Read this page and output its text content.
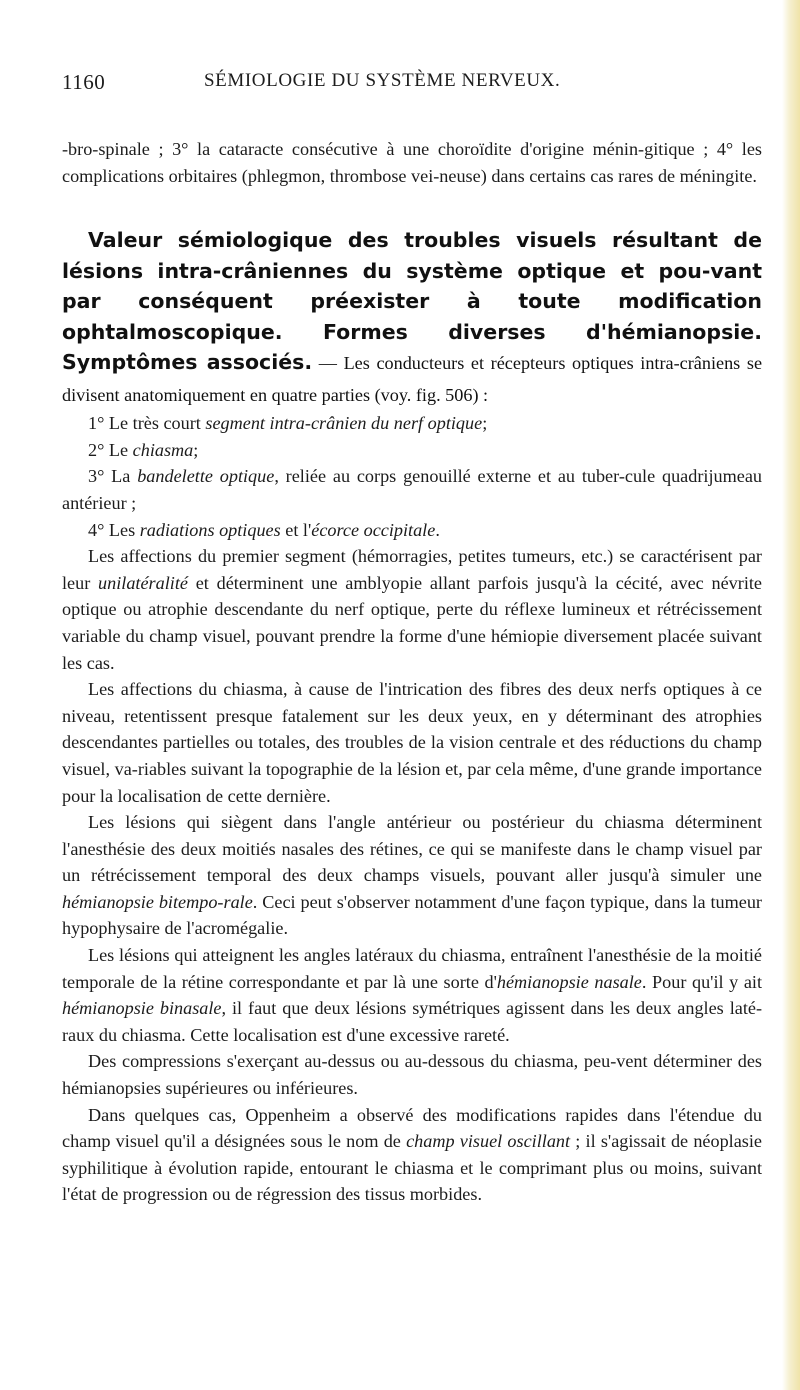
1160	SÉMIOLOGIE DU SYSTÈME NERVEUX.

-bro-spinale ; 3° la cataracte consécutive à une choroïdite d'origine ménin-gitique ; 4° les complications orbitaires (phlegmon, thrombose vei-neuse) dans certains cas rares de méningite.

Valeur sémiologique des troubles visuels résultant de lésions intra-crâniennes du système optique et pou-vant par conséquent préexister à toute modification ophtalmoscopique. Formes diverses d'hémianopsie. Symptômes associés. — Les conducteurs et récepteurs optiques intra-crâniens se divisent anatomiquement en quatre parties (voy. fig. 506) :

1° Le très court segment intra-crânien du nerf optique;

2° Le chiasma;

3° La bandelette optique, reliée au corps genouillé externe et au tuber-cule quadrijumeau antérieur ;

4° Les radiations optiques et l'écorce occipitale.

Les affections du premier segment (hémorragies, petites tumeurs, etc.) se caractérisent par leur unilatéralité et déterminent une amblyopie allant parfois jusqu'à la cécité, avec névrite optique ou atrophie descendante du nerf optique, perte du réflexe lumineux et rétrécissement variable du champ visuel, pouvant prendre la forme d'une hémiopie diversement placée suivant les cas.

Les affections du chiasma, à cause de l'intrication des fibres des deux nerfs optiques à ce niveau, retentissent presque fatalement sur les deux yeux, en y déterminant des atrophies descendantes partielles ou totales, des troubles de la vision centrale et des réductions du champ visuel, va-riables suivant la topographie de la lésion et, par cela même, d'une grande importance pour la localisation de cette dernière.

Les lésions qui siègent dans l'angle antérieur ou postérieur du chiasma déterminent l'anesthésie des deux moitiés nasales des rétines, ce qui se manifeste dans le champ visuel par un rétrécissement temporal des deux champs visuels, pouvant aller jusqu'à simuler une hémianopsie bitempo-rale. Ceci peut s'observer notamment d'une façon typique, dans la tumeur hypophysaire de l'acromégalie.

Les lésions qui atteignent les angles latéraux du chiasma, entraînent l'anesthésie de la moitié temporale de la rétine correspondante et par là une sorte d'hémianopsie nasale. Pour qu'il y ait hémianopsie binasale, il faut que deux lésions symétriques agissent dans les deux angles laté-raux du chiasma. Cette localisation est d'une excessive rareté.

Des compressions s'exerçant au-dessus ou au-dessous du chiasma, peu-vent déterminer des hémianopsies supérieures ou inférieures.

Dans quelques cas, Oppenheim a observé des modifications rapides dans l'étendue du champ visuel qu'il a désignées sous le nom de champ visuel oscillant ; il s'agissait de néoplasie syphilitique à évolution rapide, entourant le chiasma et le comprimant plus ou moins, suivant l'état de progression ou de régression des tissus morbides.
